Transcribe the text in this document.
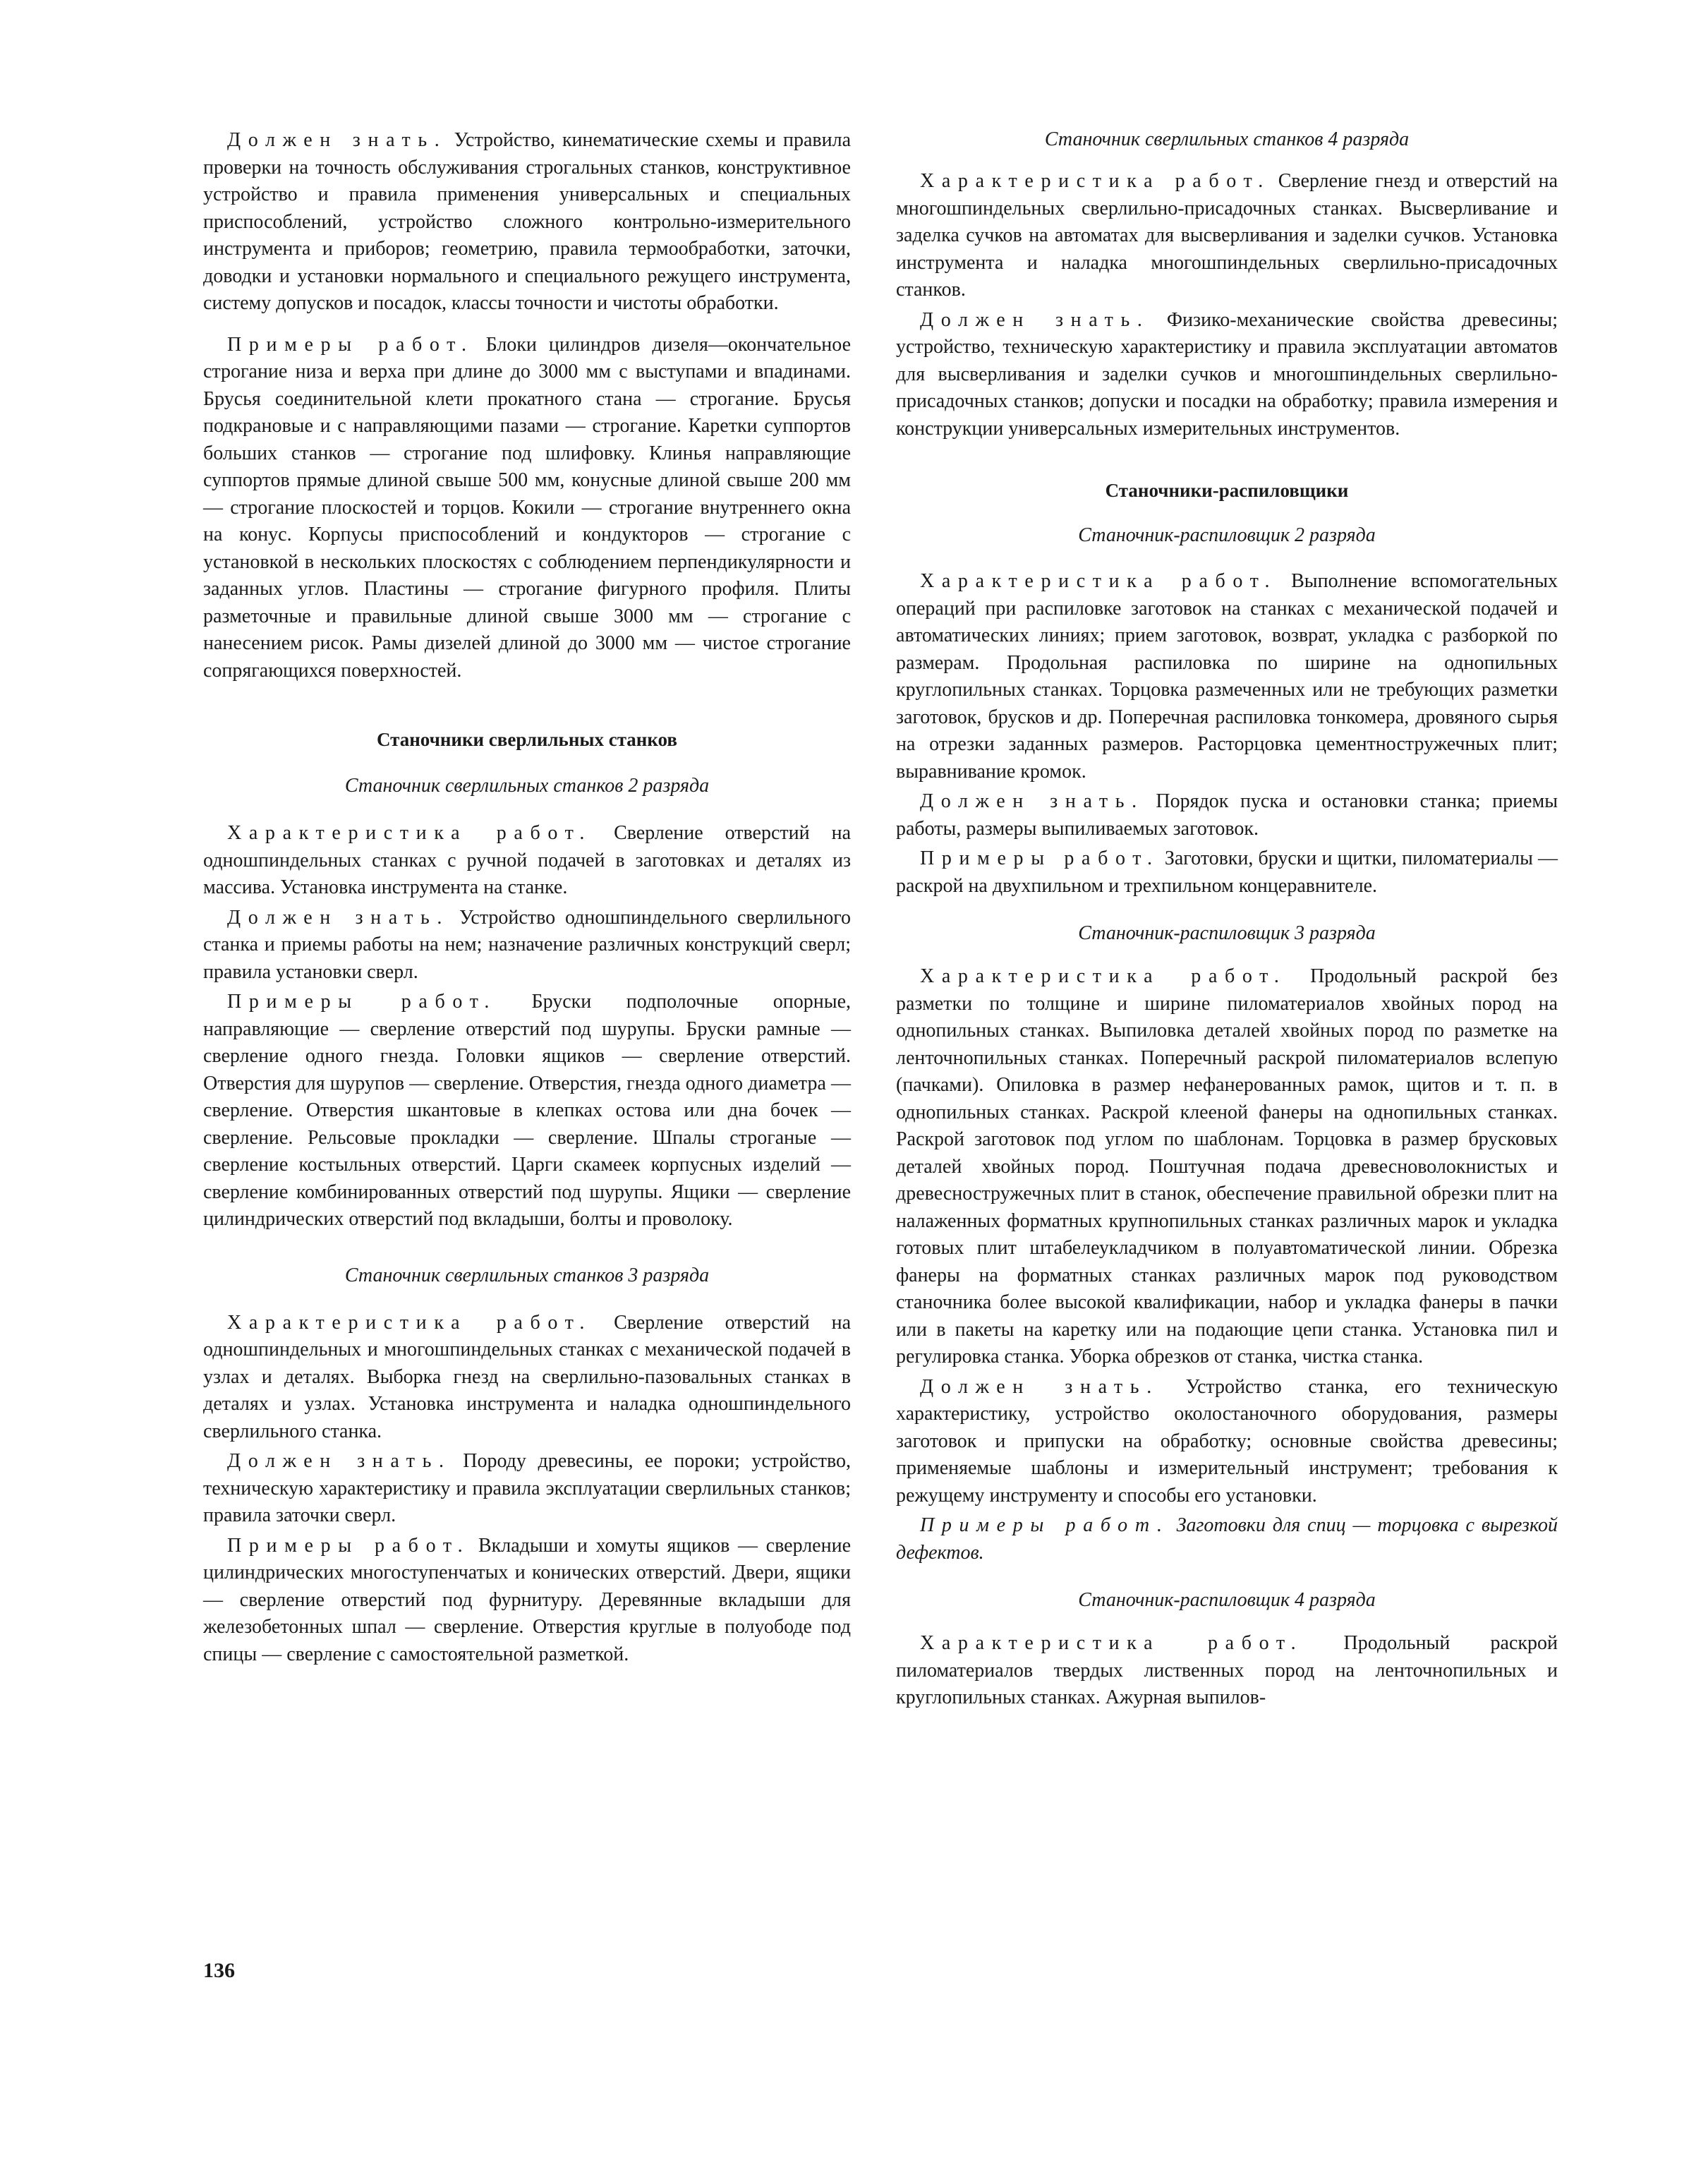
Должен знать. Устройство, кинематические схемы и правила проверки на точность обслуживания строгальных станков, конструктивное устройство и правила применения универсальных и специальных приспособлений, устройство сложного контрольно-измерительного инструмента и приборов; геометрию, правила термообработки, заточки, доводки и установки нормального и специального режущего инструмента, систему допусков и посадок, классы точности и чистоты обработки.

Примеры работ. Блоки цилиндров дизеля—окончательное строгание низа и верха при длине до 3000 мм с выступами и впадинами. Брусья соединительной клети прокатного стана — строгание. Брусья подкрановые и с направляющими пазами — строгание. Каретки суппортов больших станков — строгание под шлифовку. Клинья направляющие суппортов прямые длиной свыше 500 мм, конусные длиной свыше 200 мм — строгание плоскостей и торцов. Кокили — строгание внутреннего окна на конус. Корпусы приспособлений и кондукторов — строгание с установкой в нескольких плоскостях с соблюдением перпендикулярности и заданных углов. Пластины — строгание фигурного профиля. Плиты разметочные и правильные длиной свыше 3000 мм — строгание с нанесением рисок. Рамы дизелей длиной до 3000 мм — чистое строгание сопрягающихся поверхностей.

Станочники сверлильных станков
Станочник сверлильных станков 2 разряда

Характеристика работ. Сверление отверстий на одношпиндельных станках с ручной подачей в заготовках и деталях из массива. Установка инструмента на станке.

Должен знать. Устройство одношпиндельного сверлильного станка и приемы работы на нем; назначение различных конструкций сверл; правила установки сверл.

Примеры работ. Бруски подполочные опорные, направляющие — сверление отверстий под шурупы. Бруски рамные — сверление одного гнезда. Головки ящиков — сверление отверстий. Отверстия для шурупов — сверление. Отверстия, гнезда одного диаметра — сверление. Отверстия шкантовые в клепках остова или дна бочек — сверление. Рельсовые прокладки — сверление. Шпалы строганые — сверление костыльных отверстий. Царги скамеек корпусных изделий — сверление комбинированных отверстий под шурупы. Ящики — сверление цилиндрических отверстий под вкладыши, болты и проволоку.

Станочник сверлильных станков 3 разряда

Характеристика работ. Сверление отверстий на одношпиндельных и многошпиндельных станках с механической подачей в узлах и деталях. Выборка гнезд на сверлильно-пазовальных станках в деталях и узлах. Установка инструмента и наладка одношпиндельного сверлильного станка.

Должен знать. Породу древесины, ее пороки; устройство, техническую характеристику и правила эксплуатации сверлильных станков; правила заточки сверл.

Примеры работ. Вкладыши и хомуты ящиков — сверление цилиндрических многоступенчатых и конических отверстий. Двери, ящики — сверление отверстий под фурнитуру. Деревянные вкладыши для железобетонных шпал — сверление. Отверстия круглые в полуободе под спицы — сверление с самостоятельной разметкой.

Станочник сверлильных станков 4 разряда

Характеристика работ. Сверление гнезд и отверстий на многошпиндельных сверлильно-присадочных станках. Высверливание и заделка сучков на автоматах для высверливания и заделки сучков. Установка инструмента и наладка многошпиндельных сверлильно-присадочных станков.

Должен знать. Физико-механические свойства древесины; устройство, техническую характеристику и правила эксплуатации автоматов для высверливания и заделки сучков и многошпиндельных сверлильно-присадочных станков; допуски и посадки на обработку; правила измерения и конструкции универсальных измерительных инструментов.

Станочники-распиловщики
Станочник-распиловщик 2 разряда

Характеристика работ. Выполнение вспомогательных операций при распиловке заготовок на станках с механической подачей и автоматических линиях; прием заготовок, возврат, укладка с разборкой по размерам. Продольная распиловка по ширине на однопильных круглопильных станках. Торцовка размеченных или не требующих разметки заготовок, брусков и др. Поперечная распиловка тонкомера, дровяного сырья на отрезки заданных размеров. Расторцовка цементностружечных плит; выравнивание кромок.

Должен знать. Порядок пуска и остановки станка; приемы работы, размеры выпиливаемых заготовок.

Примеры работ. Заготовки, бруски и щитки, пиломатериалы — раскрой на двухпильном и трехпильном концеравнителе.

Станочник-распиловщик 3 разряда

Характеристика работ. Продольный раскрой без разметки по толщине и ширине пиломатериалов хвойных пород на однопильных станках. Выпиловка деталей хвойных пород по разметке на ленточнопильных станках. Поперечный раскрой пиломатериалов вслепую (пачками). Опиловка в размер нефанерованных рамок, щитов и т. п. в однопильных станках. Раскрой клееной фанеры на однопильных станках. Раскрой заготовок под углом по шаблонам. Торцовка в размер брусковых деталей хвойных пород. Поштучная подача древесноволокнистых и древесностружечных плит в станок, обеспечение правильной обрезки плит на налаженных форматных крупнопильных станках различных марок и укладка готовых плит штабелеукладчиком в полуавтоматической линии. Обрезка фанеры на форматных станках различных марок под руководством станочника более высокой квалификации, набор и укладка фанеры в пачки или в пакеты на каретку или на подающие цепи станка. Установка пил и регулировка станка. Уборка обрезков от станка, чистка станка.

Должен знать. Устройство станка, его техническую характеристику, устройство околостаночного оборудования, размеры заготовок и припуски на обработку; основные свойства древесины; применяемые шаблоны и измерительный инструмент; требования к режущему инструменту и способы его установки.

Примеры работ. Заготовки для спиц — торцовка с вырезкой дефектов.

Станочник-распиловщик 4 разряда

Характеристика работ. Продольный раскрой пиломатериалов твердых лиственных пород на ленточнопильных и круглопильных станках. Ажурная выпилов-

136
